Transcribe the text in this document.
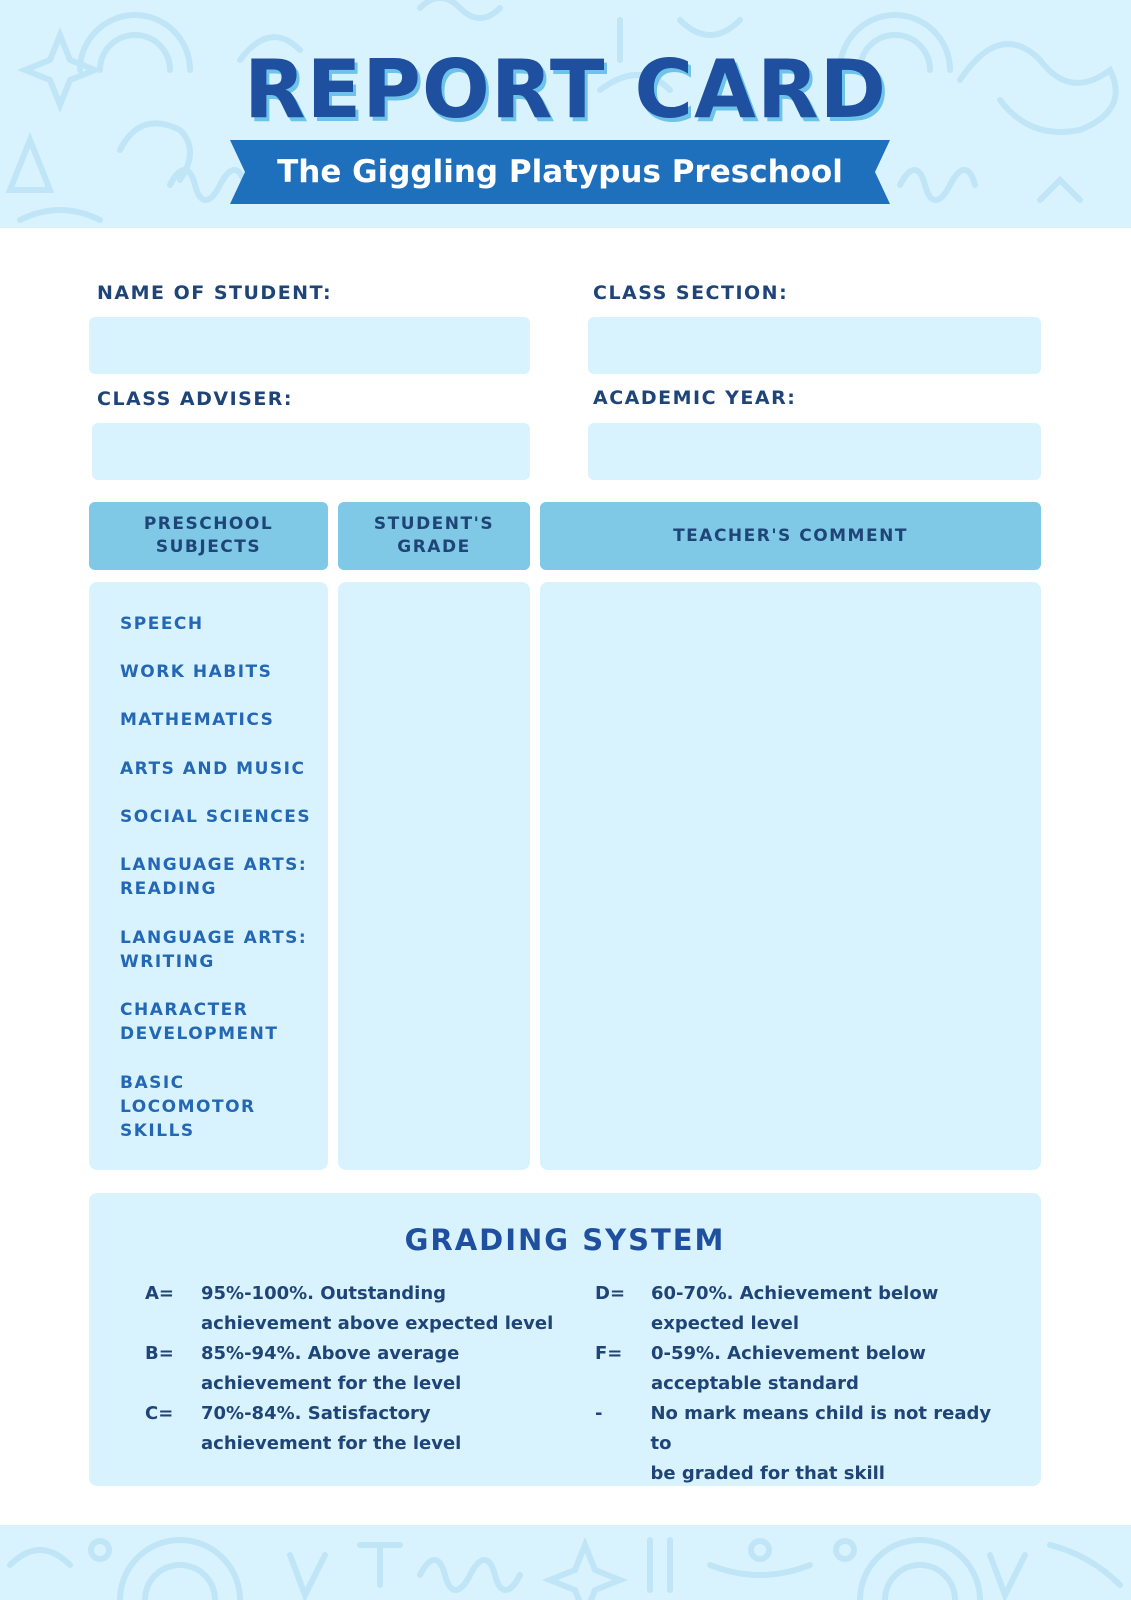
REPORT CARD
The Giggling Platypus Preschool
NAME OF STUDENT:	CLASS SECTION:
CLASS ADVISER:	ACADEMIC YEAR:
PRESCHOOL
SUBJECTS
STUDENT'S
GRADE
TEACHER'S COMMENT
SPEECH
WORK HABITS
MATHEMATICS
ARTS AND MUSIC
SOCIAL SCIENCES
LANGUAGE ARTS:
READING
LANGUAGE ARTS:
WRITING
CHARACTER
DEVELOPMENT
BASIC LOCOMOTOR
SKILLS
GRADING SYSTEM
A=	95%-100%. Outstanding
achievement above expected level
B=	85%-94%. Above average
achievement for the level
C=	70%-84%. Satisfactory
achievement for the level
D=	60-70%. Achievement below
expected level
F=	0-59%. Achievement below
acceptable standard
-	No mark means child is not ready to
be graded for that skill
